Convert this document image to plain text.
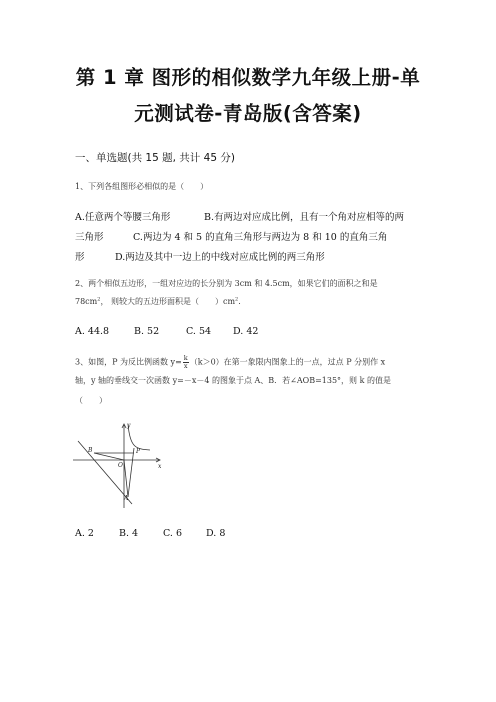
第 1 章 图形的相似数学九年级上册-单
元测试卷-青岛版(含答案)
一、单选题(共 15 题, 共计 45 分)
1、下列各组图形必相似的是（　　）
A.任意两个等腰三角形	B.有两边对应成比例，且有一个角对应相等的两
三角形	C.两边为 4 和 5 的直角三角形与两边为 8 和 10 的直角三角
形	D.两边及其中一边上的中线对应成比例的两三角形
2、两个相似五边形，一组对应边的长分别为 3cm 和 4.5cm，如果它们的面积之和是
$78cm^2$， 则较大的五边形面积是（　　）$cm^2$.
A. 44.8	B. 52	C. 54 D. 42
3、如图，P 为反比例函数 $y= \frac{k}{x} (k>0)$在第一象限内图象上的一点，过点 P 分别作 x
轴，y 轴的垂线交一次函数 y=－x－4 的图象于点 A、B．若∠AOB=135°，则 k 的值是
（　　）
y
x
B	P
O
A
A. 2	B. 4	C. 6	D. 8
